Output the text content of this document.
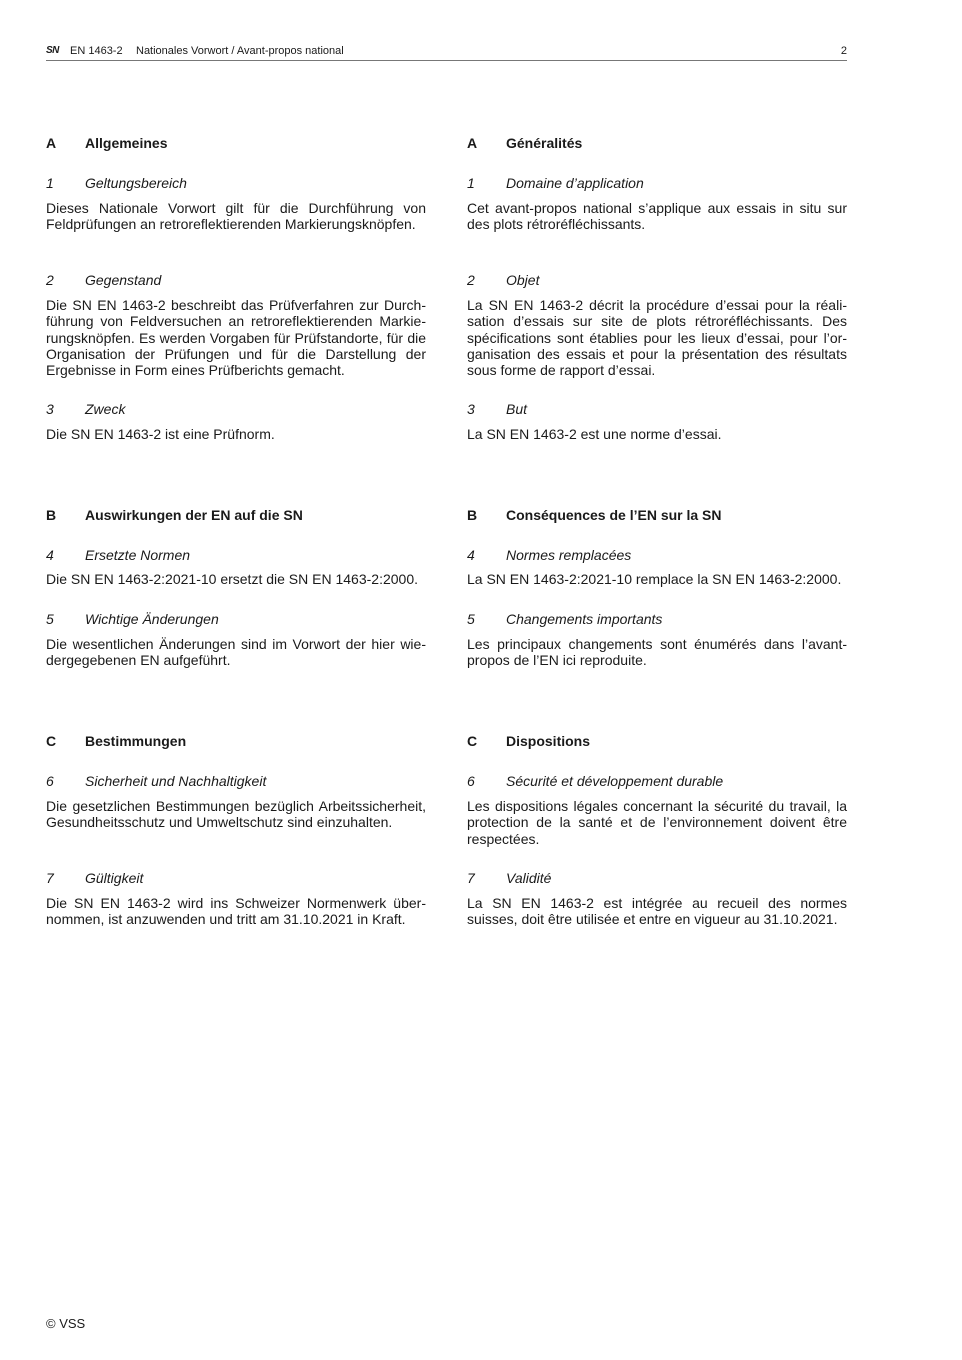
SN EN 1463-2 Nationales Vorwort / Avant-propos national	2
A Allgemeines
1 Geltungsbereich
Dieses Nationale Vorwort gilt für die Durchführung von Feldprüfungen an retroreflektierenden Markierungsknöpfen.
2 Gegenstand
Die SN EN 1463-2 beschreibt das Prüfverfahren zur Durchführung von Feldversuchen an retroreflektierenden Markierungsknöpfen. Es werden Vorgaben für Prüfstandorte, für die Organisation der Prüfungen und für die Darstellung der Ergebnisse in Form eines Prüfberichts gemacht.
3 Zweck
Die SN EN 1463-2 ist eine Prüfnorm.
B Auswirkungen der EN auf die SN
4 Ersetzte Normen
Die SN EN 1463-2:2021-10 ersetzt die SN EN 1463-2:2000.
5 Wichtige Änderungen
Die wesentlichen Änderungen sind im Vorwort der hier wiedergegebenen EN aufgeführt.
C Bestimmungen
6 Sicherheit und Nachhaltigkeit
Die gesetzlichen Bestimmungen bezüglich Arbeitssicherheit, Gesundheitsschutz und Umweltschutz sind einzuhalten.
7 Gültigkeit
Die SN EN 1463-2 wird ins Schweizer Normenwerk übernommen, ist anzuwenden und tritt am 31.10.2021 in Kraft.
A Généralités
1 Domaine d’application
Cet avant-propos national s’applique aux essais in situ sur des plots rétroréfléchissants.
2 Objet
La SN EN 1463-2 décrit la procédure d’essai pour la réalisation d’essais sur site de plots rétroréfléchissants. Des spécifications sont établies pour les lieux d’essai, pour l’organisation des essais et pour la présentation des résultats sous forme de rapport d’essai.
3 But
La SN EN 1463-2 est une norme d’essai.
B Conséquences de l’EN sur la SN
4 Normes remplacées
La SN EN 1463-2:2021-10 remplace la SN EN 1463-2:2000.
5 Changements importants
Les principaux changements sont énumérés dans l’avant-propos de l’EN ici reproduite.
C Dispositions
6 Sécurité et développement durable
Les dispositions légales concernant la sécurité du travail, la protection de la santé et de l’environnement doivent être respectées.
7 Validité
La SN EN 1463-2 est intégrée au recueil des normes suisses, doit être utilisée et entre en vigueur au 31.10.2021.
© VSS
